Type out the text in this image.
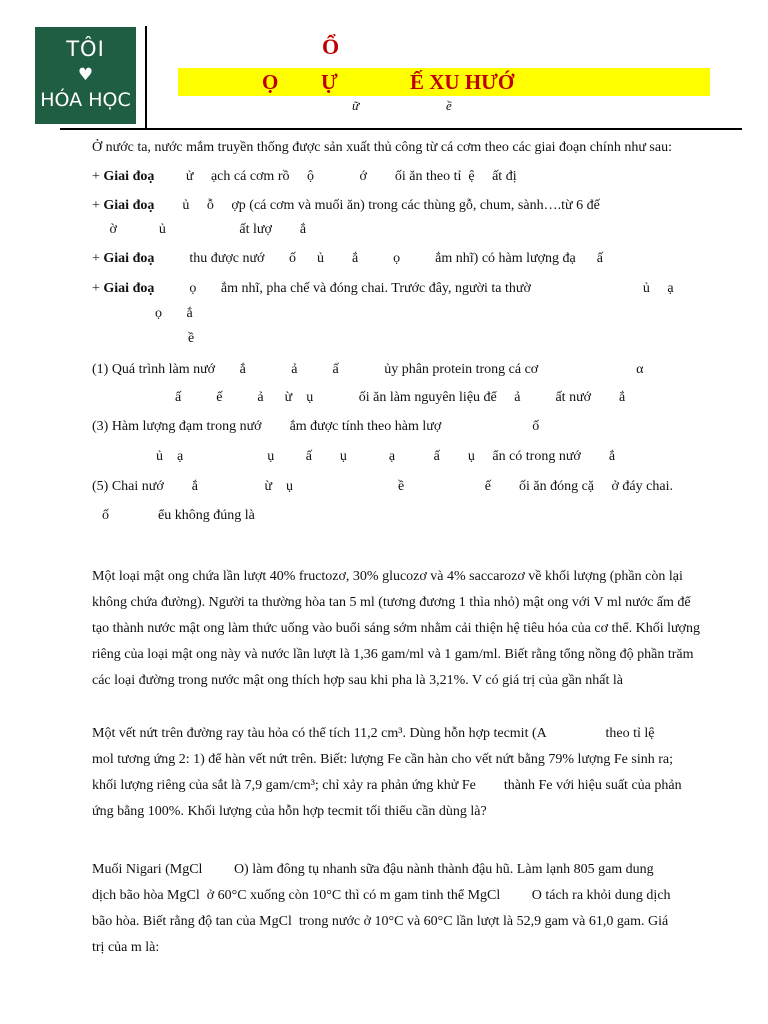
TÔI
♥
HÓA HỌC
Ổ
Ọ Ự	Ế XU HƯỚ
ữ	ề
Ở nước ta, nước mắm truyền thống được sản xuất thủ công từ cá cơm theo các giai đoạn chính như sau:
+ Giai đoạ         ử     ạch cá cơm rồ     ộ             ớ        ối ăn theo tỉ  ệ     ất đị
+ Giai đoạ        ủ     ỗ     ợp (cá cơm và muối ăn) trong các thùng gỗ, chum, sành….từ 6 đế
ờ            ủ                     ất lượ        ắ
+ Giai đoạ          thu được nướ       ố      ủ        ắ          ọ          ắm nhĩ) có hàm lượng đạ      ấ
+ Giai đoạ          ọ       ắm nhĩ, pha chế và đóng chai. Trước đây, người ta thườ                                ủ     ạ
ọ       ắ
ề
(1) Quá trình làm nướ       ắ             ả          ấ             ủy phân protein trong cá cơ                            α
ấ          ế          ả      ừ    ụ             ối ăn làm nguyên liệu để     ả          ất nướ        ắ
(3) Hàm lượng đạm trong nướ        ắm được tính theo hàm lượ                          ố
ủ    ạ                        ụ         ấ        ụ            ạ           ấ        ụ     ẩn có trong nướ        ắ
(5) Chai nướ        ắ                   ừ    ụ                              ề                       ế        ối ăn đóng cặ     ở đáy chai.
ố              ểu không đúng là
Một loại mật ong chứa lần lượt 40% fructozơ, 30% glucozơ và 4% saccarozơ về khối lượng (phần còn lại
không chứa đường). Người ta thường hòa tan 5 ml (tương đương 1 thìa nhỏ) mật ong với V ml nước ấm để
tạo thành nước mật ong làm thức uống vào buổi sáng sớm nhằm cải thiện hệ tiêu hóa của cơ thể. Khối lượng
riêng của loại mật ong này và nước lần lượt là 1,36 gam/ml và 1 gam/ml. Biết rằng tổng nồng độ phần trăm
các loại đường trong nước mật ong thích hợp sau khi pha là 3,21%. V có giá trị của gần nhất là
Một vết nứt trên đường ray tàu hỏa có thể tích 11,2 cm³. Dùng hỗn hợp tecmit (A                 theo tỉ lệ
mol tương ứng 2: 1) để hàn vết nứt trên. Biết: lượng Fe cần hàn cho vết nứt bằng 79% lượng Fe sinh ra;
khối lượng riêng của sắt là 7,9 gam/cm³; chỉ xảy ra phản ứng khử Fe        thành Fe với hiệu suất của phản
ứng bằng 100%. Khối lượng của hỗn hợp tecmit tối thiểu cần dùng là?
Muối Nigari (MgCl         O) làm đông tụ nhanh sữa đậu nành thành đậu hũ. Làm lạnh 805 gam dung
dịch bão hòa MgCl  ở 60°C xuống còn 10°C thì có m gam tinh thể MgCl         O tách ra khỏi dung dịch
bão hòa. Biết rằng độ tan của MgCl  trong nước ở 10°C và 60°C lần lượt là 52,9 gam và 61,0 gam. Giá
trị của m là:
